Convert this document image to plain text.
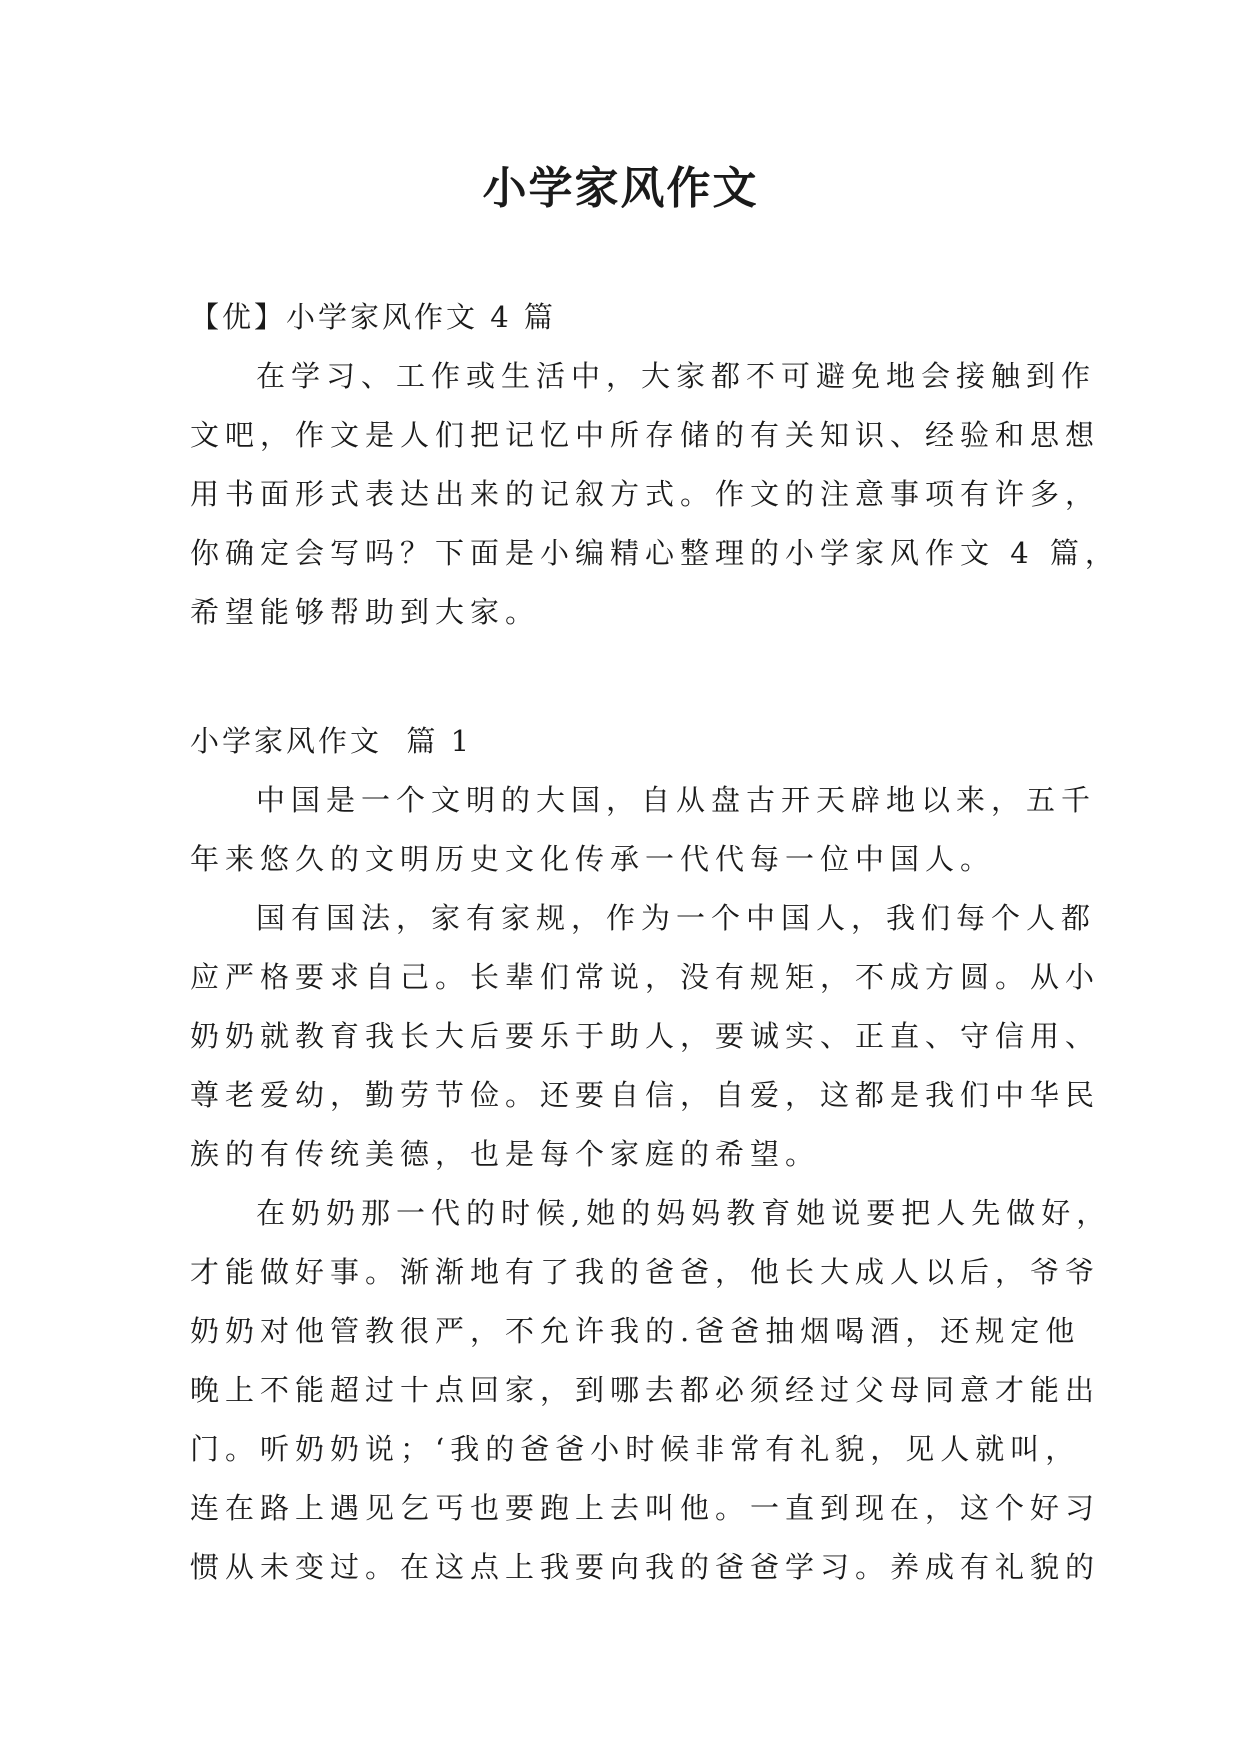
小学家风作文

【优】小学家风作文 4 篇

在学习、工作或生活中，大家都不可避免地会接触到作

文吧，作文是人们把记忆中所存储的有关知识、经验和思想

用书面形式表达出来的记叙方式。作文的注意事项有许多，

你确定会写吗？下面是小编精心整理的小学家风作文 4 篇，

希望能够帮助到大家。

小学家风作文  篇 1

中国是一个文明的大国，自从盘古开天辟地以来，五千

年来悠久的文明历史文化传承一代代每一位中国人。

国有国法，家有家规，作为一个中国人，我们每个人都

应严格要求自己。长辈们常说，没有规矩，不成方圆。从小

奶奶就教育我长大后要乐于助人，要诚实、正直、守信用、

尊老爱幼，勤劳节俭。还要自信，自爱，这都是我们中华民

族的有传统美德，也是每个家庭的希望。

在奶奶那一代的时候,她的妈妈教育她说要把人先做好，

才能做好事。渐渐地有了我的爸爸，他长大成人以后，爷爷

奶奶对他管教很严，不允许我的.爸爸抽烟喝酒，还规定他

晚上不能超过十点回家，到哪去都必须经过父母同意才能出

门。听奶奶说；‘我的爸爸小时候非常有礼貌，见人就叫，

连在路上遇见乞丐也要跑上去叫他。一直到现在，这个好习

惯从未变过。在这点上我要向我的爸爸学习。养成有礼貌的
